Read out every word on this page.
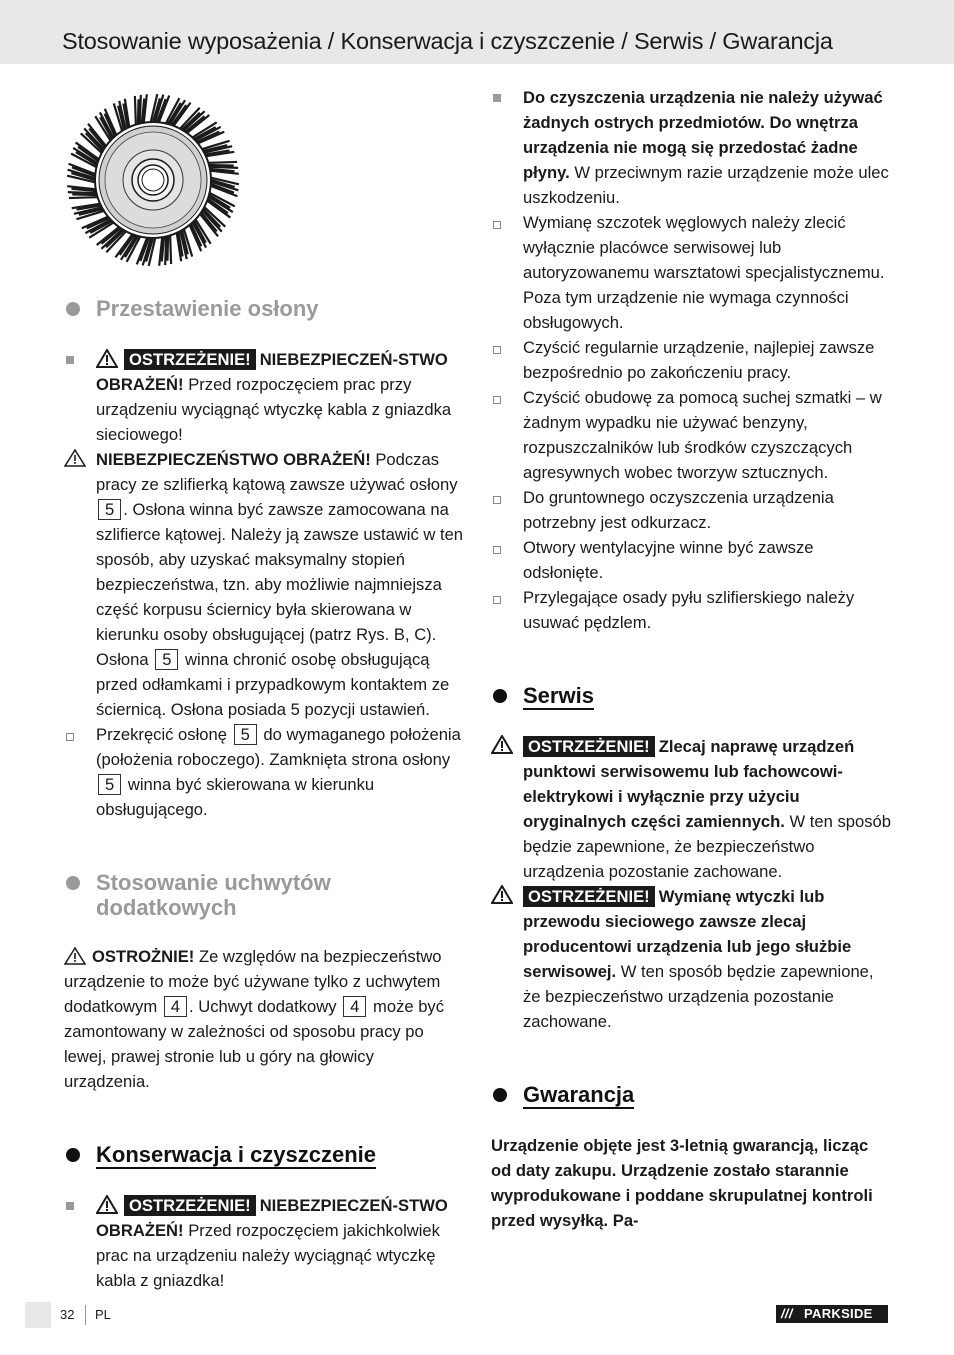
Stosowanie wyposażenia / Konserwacja i czyszczenie / Serwis / Gwarancja
Przestawienie osłony
OSTRZEŻENIE! NIEBEZPIECZEŃ-STWO OBRAŻEŃ! Przed rozpoczęciem prac przy urządzeniu wyciągnąć wtyczkę kabla z gniazdka sieciowego!
NIEBEZPIECZEŃSTWO OBRAŻEŃ! Podczas pracy ze szlifierką kątową zawsze używać osłony 5 . Osłona winna być zawsze zamocowana na szlifierce kątowej. Należy ją zawsze ustawić w ten sposób, aby uzyskać maksymalny stopień bezpieczeństwa, tzn. aby możliwie najmniejsza część korpusu ściernicy była skierowana w kierunku osoby obsługującej (patrz Rys. B, C). Osłona 5 winna chronić osobę obsługującą przed odłamkami i przypadkowym kontaktem ze ściernicą. Osłona posiada 5 pozycji ustawień.
Przekręcić osłonę 5 do wymaganego położenia (położenia roboczego). Zamknięta strona osłony 5 winna być skierowana w kierunku obsługującego.
Stosowanie uchwytów dodatkowych
OSTROŻNIE! Ze względów na bezpieczeństwo urządzenie to może być używane tylko z uchwytem dodatkowym 4 . Uchwyt dodatkowy 4 może być zamontowany w zależności od sposobu pracy po lewej, prawej stronie lub u góry na głowicy urządzenia.
Konserwacja i czyszczenie
OSTRZEŻENIE! NIEBEZPIECZEŃ-STWO OBRAŻEŃ! Przed rozpoczęciem jakichkolwiek prac na urządzeniu należy wyciągnąć wtyczkę kabla z gniazdka!
Do czyszczenia urządzenia nie należy używać żadnych ostrych przedmiotów. Do wnętrza urządzenia nie mogą się przedostać żadne płyny. W przeciwnym razie urządzenie może ulec uszkodzeniu.
Wymianę szczotek węglowych należy zlecić wyłącznie placówce serwisowej lub autoryzowanemu warsztatowi specjalistycznemu. Poza tym urządzenie nie wymaga czynności obsługowych.
Czyścić regularnie urządzenie, najlepiej zawsze bezpośrednio po zakończeniu pracy.
Czyścić obudowę za pomocą suchej szmatki – w żadnym wypadku nie używać benzyny, rozpuszczalników lub środków czyszczących agresywnych wobec tworzyw sztucznych.
Do gruntownego oczyszczenia urządzenia potrzebny jest odkurzacz.
Otwory wentylacyjne winne być zawsze odsłonięte.
Przylegające osady pyłu szlifierskiego należy usuwać pędzlem.
Serwis
OSTRZEŻENIE! Zlecaj naprawę urządzeń punktowi serwisowemu lub fachowcowi-elektrykowi i wyłącznie przy użyciu oryginalnych części zamiennych. W ten sposób będzie zapewnione, że bezpieczeństwo urządzenia pozostanie zachowane.
OSTRZEŻENIE! Wymianę wtyczki lub przewodu sieciowego zawsze zlecaj producentowi urządzenia lub jego służbie serwisowej. W ten sposób będzie zapewnione, że bezpieczeństwo urządzenia pozostanie zachowane.
Gwarancja
Urządzenie objęte jest 3-letnią gwarancją, licząc od daty zakupu. Urządzenie zostało starannie wyprodukowane i poddane skrupulatnej kontroli przed wysyłką. Pa-
32 PL	/// PARKSIDE
